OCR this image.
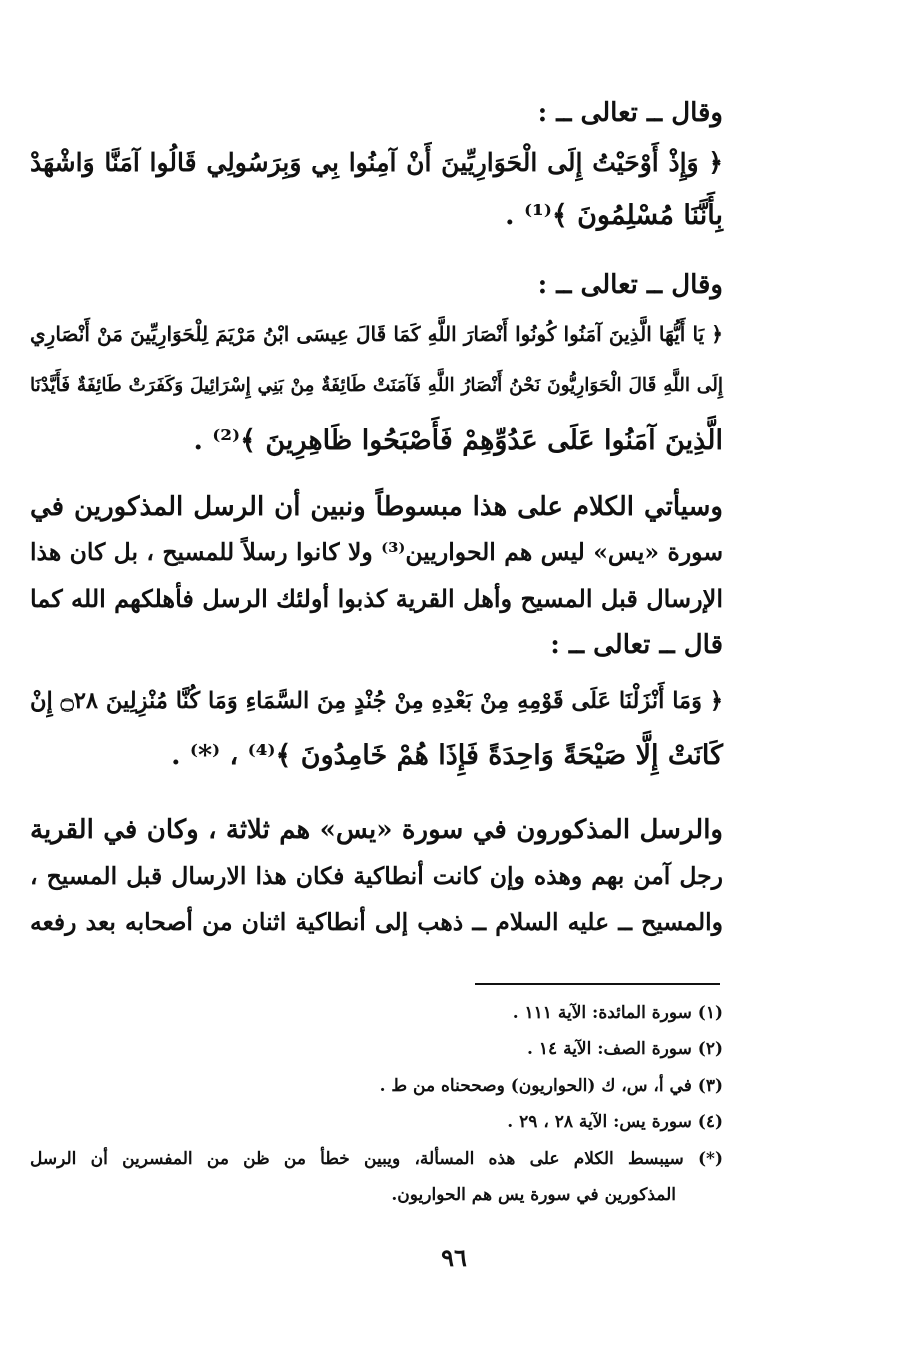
وقال ــ تعالى ــ :
﴿ وَإِذْ أَوْحَيْتُ إِلَى الْحَوَارِيِّينَ أَنْ آمِنُوا بِي وَبِرَسُولِي قَالُوا آمَنَّا وَاشْهَدْ
بِأَنَّنَا مُسْلِمُونَ ﴾⁽¹⁾ .
وقال ــ تعالى ــ :
﴿ يَا أَيُّهَا الَّذِينَ آمَنُوا كُونُوا أَنْصَارَ اللَّهِ كَمَا قَالَ عِيسَى ابْنُ مَرْيَمَ لِلْحَوَارِيِّينَ مَنْ أَنْصَارِي
إِلَى اللَّهِ قَالَ الْحَوَارِيُّونَ نَحْنُ أَنْصَارُ اللَّهِ فَآمَنَتْ طَائِفَةٌ مِنْ بَنِي إِسْرَائِيلَ وَكَفَرَتْ طَائِفَةٌ فَأَيَّدْنَا
الَّذِينَ آمَنُوا عَلَى عَدُوِّهِمْ فَأَصْبَحُوا ظَاهِرِينَ ﴾⁽²⁾ .
وسيأتي الكلام على هذا مبسوطاً ونبين أن الرسل المذكورين في
سورة «يس» ليس هم الحواريين⁽³⁾ ولا كانوا رسلاً للمسيح ، بل كان هذا
الإرسال قبل المسيح وأهل القرية كذبوا أولئك الرسل فأهلكهم الله كما
قال ــ تعالى ــ :
﴿ وَمَا أَنْزَلْنَا عَلَى قَوْمِهِ مِنْ بَعْدِهِ مِنْ جُنْدٍ مِنَ السَّمَاءِ وَمَا كُنَّا مُنْزِلِينَ ۝٢٨ إِنْ
كَانَتْ إِلَّا صَيْحَةً وَاحِدَةً فَإِذَا هُمْ خَامِدُونَ ﴾⁽⁴⁾ ، ⁽*⁾ .
والرسل المذكورون في سورة «يس» هم ثلاثة ، وكان في القرية
رجل آمن بهم وهذه وإن كانت أنطاكية فكان هذا الارسال قبل المسيح ،
والمسيح ــ عليه السلام ــ ذهب إلى أنطاكية اثنان من أصحابه بعد رفعه
(١) سورة المائدة: الآية ١١١ .
(٢) سورة الصف: الآية ١٤ .
(٣) في أ، س، ك (الحواريون) وصححناه من ط .
(٤) سورة يس: الآية ٢٨ ، ٢٩ .
(*) سيبسط الكلام على هذه المسألة، ويبين خطأ من ظن من المفسرين أن الرسل
المذكورين في سورة يس هم الحواريون.
٩٦
